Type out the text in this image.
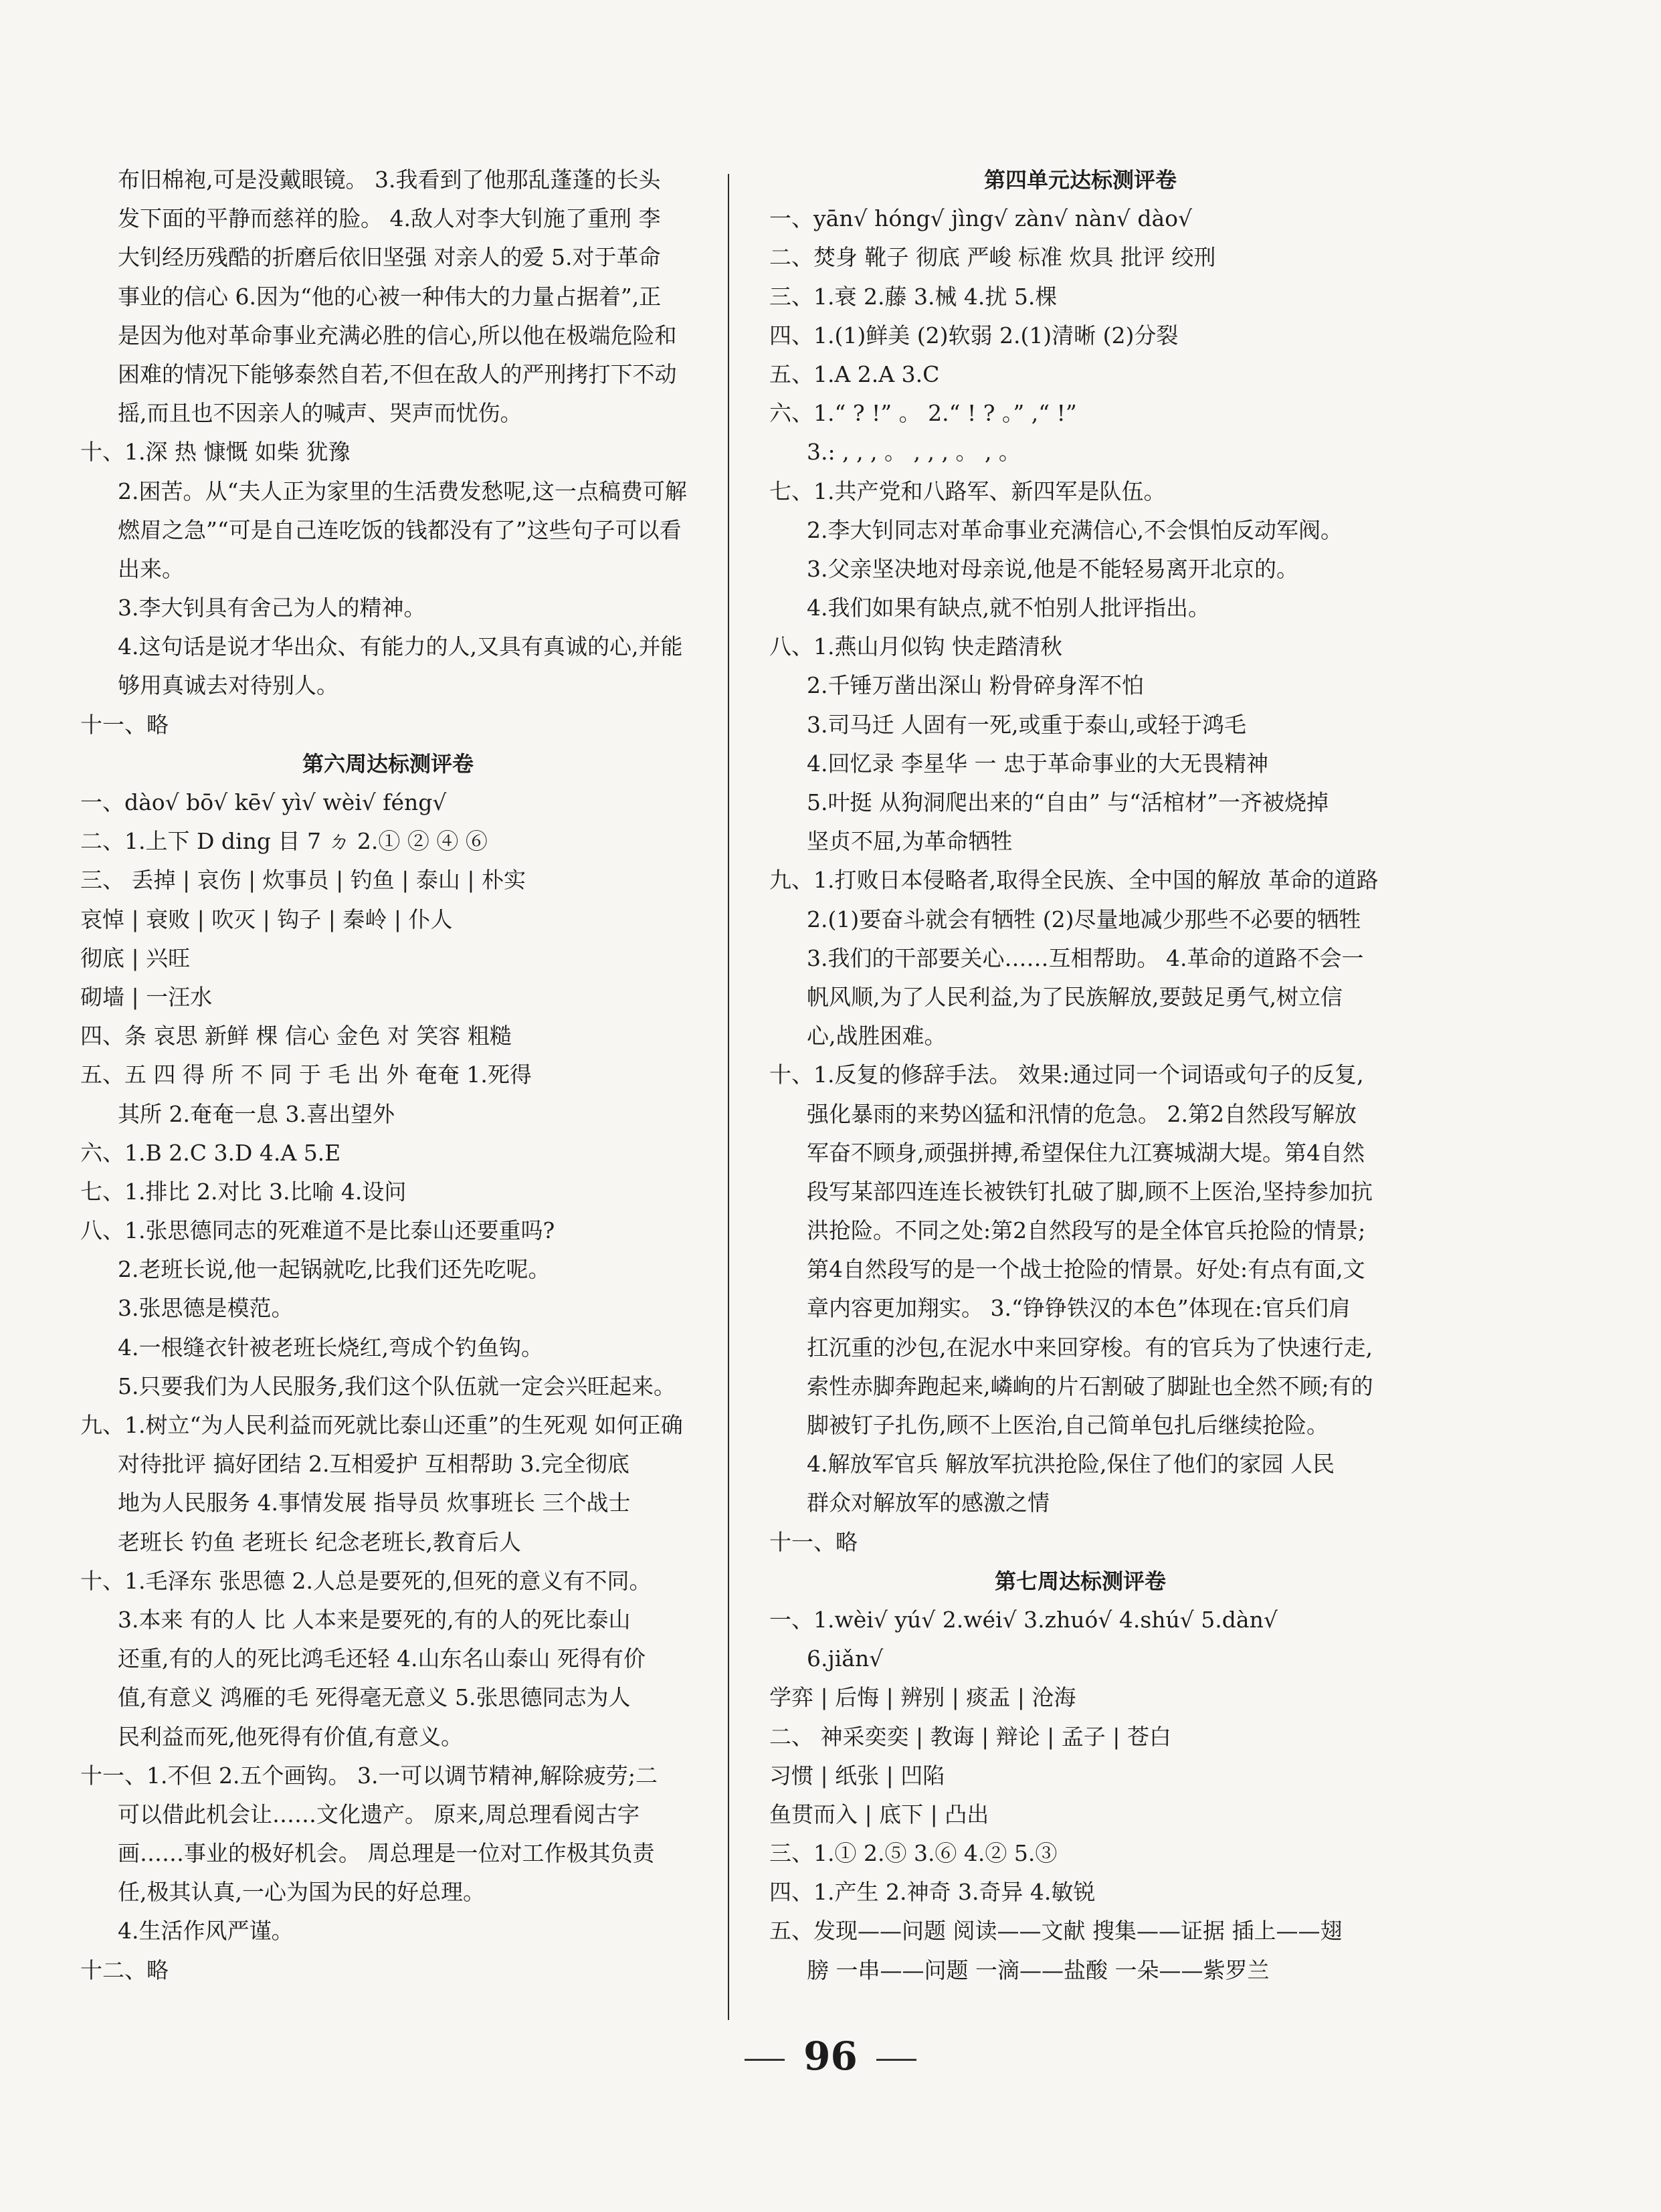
布旧棉袍,可是没戴眼镜。 3.我看到了他那乱蓬蓬的长头
发下面的平静而慈祥的脸。 4.敌人对李大钊施了重刑 李
大钊经历残酷的折磨后依旧坚强 对亲人的爱 5.对于革命
事业的信心 6.因为“他的心被一种伟大的力量占据着”,正
是因为他对革命事业充满必胜的信心,所以他在极端危险和
困难的情况下能够泰然自若,不但在敌人的严刑拷打下不动
摇,而且也不因亲人的喊声、哭声而忧伤。
十、1.深 热 慷慨 如柴 犹豫
2.困苦。从“夫人正为家里的生活费发愁呢,这一点稿费可解
燃眉之急”“可是自己连吃饭的钱都没有了”这些句子可以看
出来。
3.李大钊具有舍己为人的精神。
4.这句话是说才华出众、有能力的人,又具有真诚的心,并能
够用真诚去对待别人。
十一、略
第六周达标测评卷
一、dào√ bō√ kē√ yì√ wèi√ féng√
二、1.上下 D ding 目 7 ㄉ 2.① ② ④ ⑥
三、 丢掉 | 哀伤 | 炊事员 | 钓鱼 | 泰山 | 朴实
哀悼 | 衰败 | 吹灭 | 钩子 | 秦岭 | 仆人
彻底 | 兴旺
砌墙 | 一汪水
四、条 哀思 新鲜 棵 信心 金色 对 笑容 粗糙
五、五 四 得 所 不 同 于 毛 出 外 奄奄 1.死得
其所 2.奄奄一息 3.喜出望外
六、1.B 2.C 3.D 4.A 5.E
七、1.排比 2.对比 3.比喻 4.设问
八、1.张思德同志的死难道不是比泰山还要重吗?
2.老班长说,他一起锅就吃,比我们还先吃呢。
3.张思德是模范。
4.一根缝衣针被老班长烧红,弯成个钓鱼钩。
5.只要我们为人民服务,我们这个队伍就一定会兴旺起来。
九、1.树立“为人民利益而死就比泰山还重”的生死观 如何正确
对待批评 搞好团结 2.互相爱护 互相帮助 3.完全彻底
地为人民服务 4.事情发展 指导员 炊事班长 三个战士
老班长 钓鱼 老班长 纪念老班长,教育后人
十、1.毛泽东 张思德 2.人总是要死的,但死的意义有不同。
3.本来 有的人 比 人本来是要死的,有的人的死比泰山
还重,有的人的死比鸿毛还轻 4.山东名山泰山 死得有价
值,有意义 鸿雁的毛 死得毫无意义 5.张思德同志为人
民利益而死,他死得有价值,有意义。
十一、1.不但 2.五个画钩。 3.一可以调节精神,解除疲劳;二
可以借此机会让……文化遗产。 原来,周总理看阅古字
画……事业的极好机会。 周总理是一位对工作极其负责
任,极其认真,一心为国为民的好总理。
4.生活作风严谨。
十二、略
第四单元达标测评卷
一、yān√ hóng√ jìng√ zàn√ nàn√ dào√
二、焚身 靴子 彻底 严峻 标准 炊具 批评 绞刑
三、1.衰 2.藤 3.械 4.扰 5.棵
四、1.(1)鲜美 (2)软弱 2.(1)清晰 (2)分裂
五、1.A 2.A 3.C
六、1.“ ? !” 。 2.“ ! ? 。” ,“ !”
3.: , , , 。 , , , 。 , 。
七、1.共产党和八路军、新四军是队伍。
2.李大钊同志对革命事业充满信心,不会惧怕反动军阀。
3.父亲坚决地对母亲说,他是不能轻易离开北京的。
4.我们如果有缺点,就不怕别人批评指出。
八、1.燕山月似钩 快走踏清秋
2.千锤万凿出深山 粉骨碎身浑不怕
3.司马迁 人固有一死,或重于泰山,或轻于鸿毛
4.回忆录 李星华 一 忠于革命事业的大无畏精神
5.叶挺 从狗洞爬出来的“自由” 与“活棺材”一齐被烧掉
坚贞不屈,为革命牺牲
九、1.打败日本侵略者,取得全民族、全中国的解放 革命的道路
2.(1)要奋斗就会有牺牲 (2)尽量地减少那些不必要的牺牲
3.我们的干部要关心……互相帮助。 4.革命的道路不会一
帆风顺,为了人民利益,为了民族解放,要鼓足勇气,树立信
心,战胜困难。
十、1.反复的修辞手法。 效果:通过同一个词语或句子的反复,
强化暴雨的来势凶猛和汛情的危急。 2.第2自然段写解放
军奋不顾身,顽强拼搏,希望保住九江赛城湖大堤。第4自然
段写某部四连连长被铁钉扎破了脚,顾不上医治,坚持参加抗
洪抢险。不同之处:第2自然段写的是全体官兵抢险的情景;
第4自然段写的是一个战士抢险的情景。好处:有点有面,文
章内容更加翔实。 3.“铮铮铁汉的本色”体现在:官兵们肩
扛沉重的沙包,在泥水中来回穿梭。有的官兵为了快速行走,
索性赤脚奔跑起来,嶙峋的片石割破了脚趾也全然不顾;有的
脚被钉子扎伤,顾不上医治,自己简单包扎后继续抢险。
4.解放军官兵 解放军抗洪抢险,保住了他们的家园 人民
群众对解放军的感激之情
十一、略
第七周达标测评卷
一、1.wèi√ yú√ 2.wéi√ 3.zhuó√ 4.shú√ 5.dàn√
6.jiǎn√
学弈 | 后悔 | 辨别 | 痰盂 | 沧海
二、 神采奕奕 | 教诲 | 辩论 | 孟子 | 苍白
习惯 | 纸张 | 凹陷
鱼贯而入 | 底下 | 凸出
三、1.① 2.⑤ 3.⑥ 4.② 5.③
四、1.产生 2.神奇 3.奇异 4.敏锐
五、发现——问题 阅读——文献 搜集——证据 插上——翅
膀 一串——问题 一滴——盐酸 一朵——紫罗兰
96
